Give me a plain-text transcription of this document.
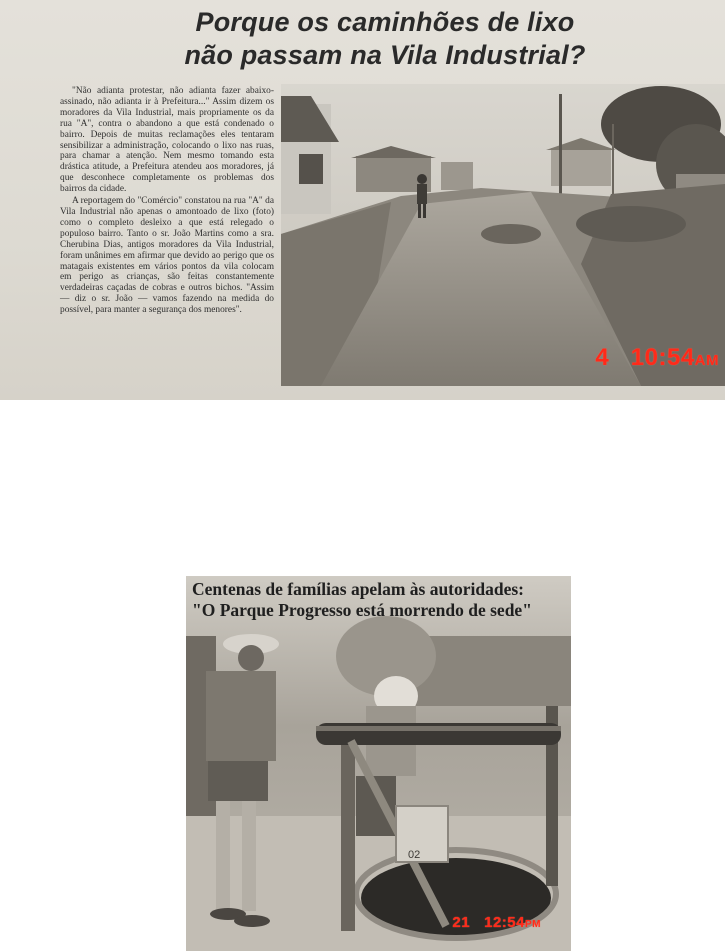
Porque os caminhões de lixo
não passam na Vila Industrial?

"Não adianta protestar, não adianta fazer abaixo-assinado, não adianta ir à Prefeitura..." Assim dizem os moradores da Vila Industrial, mais propriamente os da rua "A", contra o abandono a que está condenado o bairro. Depois de muitas reclamações eles tentaram sensibilizar a administração, colocando o lixo nas ruas, para chamar a atenção. Nem mesmo tomando esta drástica atitude, a Prefeitura atendeu aos moradores, já que desconhece completamente os problemas dos bairros da cidade.

A reportagem do "Comércio" constatou na rua "A" da Vila Industrial não apenas o amontoado de lixo (foto) como o completo desleixo a que está relegado o populoso bairro. Tanto o sr. João Martins como a sra. Cherubina Dias, antigos moradores da Vila Industrial, foram unânimes em afirmar que devido ao perigo que os matagais existentes em vários pontos da vila colocam em perigo as crianças, são feitas constantemente verdadeiras caçadas de cobras e outros bichos. "Assim — diz o sr. João — vamos fazendo na medida do possível, para manter a segurança dos menores".

4 10:54AM
02
Centenas de famílias apelam às autoridades:
"O Parque Progresso está morrendo de sede"
21 12:54PM
